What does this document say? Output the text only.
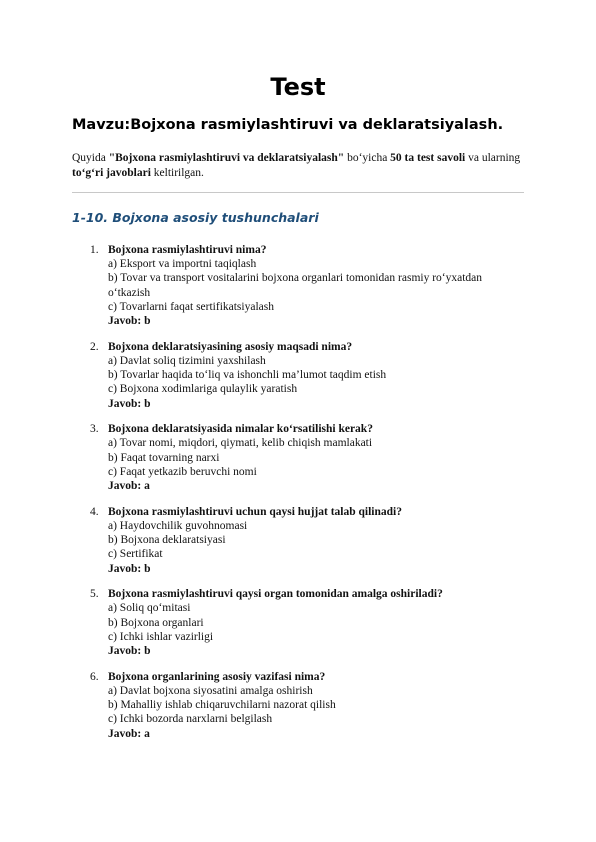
Test
Mavzu:Bojxona rasmiylashtiruvi va deklaratsiyalash.

Quyida "Bojxona rasmiylashtiruvi va deklaratsiyalash" bo‘yicha 50 ta test savoli va ularning to‘g‘ri javoblari keltirilgan.

1-10. Bojxona asosiy tushunchalari
1. Bojxona rasmiylashtiruvi nima?
a) Eksport va importni taqiqlash
b) Tovar va transport vositalarini bojxona organlari tomonidan rasmiy ro‘yxatdan o‘tkazish
c) Tovarlarni faqat sertifikatsiyalash
Javob: b
2. Bojxona deklaratsiyasining asosiy maqsadi nima?
a) Davlat soliq tizimini yaxshilash
b) Tovarlar haqida to‘liq va ishonchli ma’lumot taqdim etish
c) Bojxona xodimlariga qulaylik yaratish
Javob: b
3. Bojxona deklaratsiyasida nimalar ko‘rsatilishi kerak?
a) Tovar nomi, miqdori, qiymati, kelib chiqish mamlakati
b) Faqat tovarning narxi
c) Faqat yetkazib beruvchi nomi
Javob: a
4. Bojxona rasmiylashtiruvi uchun qaysi hujjat talab qilinadi?
a) Haydovchilik guvohnomasi
b) Bojxona deklaratsiyasi
c) Sertifikat
Javob: b
5. Bojxona rasmiylashtiruvi qaysi organ tomonidan amalga oshiriladi?
a) Soliq qo‘mitasi
b) Bojxona organlari
c) Ichki ishlar vazirligi
Javob: b
6. Bojxona organlarining asosiy vazifasi nima?
a) Davlat bojxona siyosatini amalga oshirish
b) Mahalliy ishlab chiqaruvchilarni nazorat qilish
c) Ichki bozorda narxlarni belgilash
Javob: a
